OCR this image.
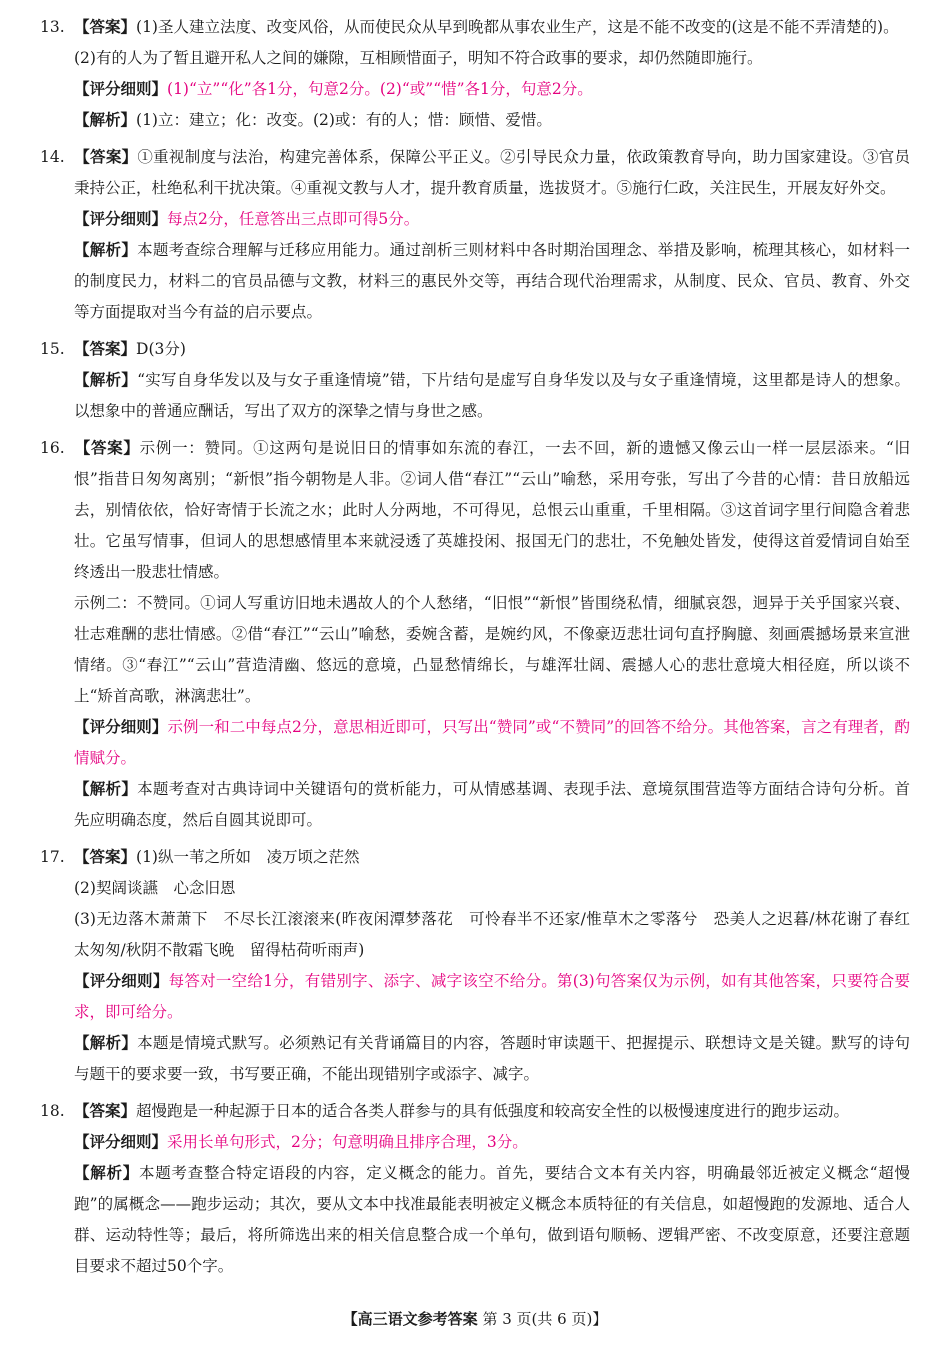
13. 【答案】(1)圣人建立法度、改变风俗，从而使民众从早到晚都从事农业生产，这是不能不改变的(这是不能不弄清楚的)。

(2)有的人为了暂且避开私人之间的嫌隙，互相顾惜面子，明知不符合政事的要求，却仍然随即施行。

【评分细则】(1)“立”“化”各1分，句意2分。(2)“或”“惜”各1分，句意2分。

【解析】(1)立：建立；化：改变。(2)或：有的人；惜：顾惜、爱惜。

14. 【答案】①重视制度与法治，构建完善体系，保障公平正义。②引导民众力量，依政策教育导向，助力国家建设。③官员秉持公正，杜绝私利干扰决策。④重视文教与人才，提升教育质量，选拔贤才。⑤施行仁政，关注民生，开展友好外交。

【评分细则】每点2分，任意答出三点即可得5分。

【解析】本题考查综合理解与迁移应用能力。通过剖析三则材料中各时期治国理念、举措及影响，梳理其核心，如材料一的制度民力，材料二的官员品德与文教，材料三的惠民外交等，再结合现代治理需求，从制度、民众、官员、教育、外交等方面提取对当今有益的启示要点。

15. 【答案】D(3分)

【解析】“实写自身华发以及与女子重逢情境”错，下片结句是虚写自身华发以及与女子重逢情境，这里都是诗人的想象。以想象中的普通应酬话，写出了双方的深挚之情与身世之感。

16. 【答案】示例一：赞同。①这两句是说旧日的情事如东流的春江，一去不回，新的遗憾又像云山一样一层层添来。“旧恨”指昔日匆匆离别；“新恨”指今朝物是人非。②词人借“春江”“云山”喻愁，采用夸张，写出了今昔的心情：昔日放船远去，别情依依，恰好寄情于长流之水；此时人分两地，不可得见，总恨云山重重，千里相隔。③这首词字里行间隐含着悲壮。它虽写情事，但词人的思想感情里本来就浸透了英雄投闲、报国无门的悲壮，不免触处皆发，使得这首爱情词自始至终透出一股悲壮情感。

示例二：不赞同。①词人写重访旧地未遇故人的个人愁绪，“旧恨”“新恨”皆围绕私情，细腻哀怨，迥异于关乎国家兴衰、壮志难酬的悲壮情感。②借“春江”“云山”喻愁，委婉含蓄，是婉约风，不像豪迈悲壮词句直抒胸臆、刻画震撼场景来宣泄情绪。③“春江”“云山”营造清幽、悠远的意境，凸显愁情绵长，与雄浑壮阔、震撼人心的悲壮意境大相径庭，所以谈不上“矫首高歌，淋漓悲壮”。

【评分细则】示例一和二中每点2分，意思相近即可，只写出“赞同”或“不赞同”的回答不给分。其他答案，言之有理者，酌情赋分。

【解析】本题考查对古典诗词中关键语句的赏析能力，可从情感基调、表现手法、意境氛围营造等方面结合诗句分析。首先应明确态度，然后自圆其说即可。

17. 【答案】(1)纵一苇之所如　凌万顷之茫然

(2)契阔谈讌　心念旧恩

(3)无边落木萧萧下　不尽长江滚滚来(昨夜闲潭梦落花　可怜春半不还家/惟草木之零落兮　恐美人之迟暮/林花谢了春红　太匆匆/秋阴不散霜飞晚　留得枯荷听雨声)

【评分细则】每答对一空给1分，有错别字、添字、减字该空不给分。第(3)句答案仅为示例，如有其他答案，只要符合要求，即可给分。

【解析】本题是情境式默写。必须熟记有关背诵篇目的内容，答题时审读题干、把握提示、联想诗文是关键。默写的诗句与题干的要求要一致，书写要正确，不能出现错别字或添字、减字。

18. 【答案】超慢跑是一种起源于日本的适合各类人群参与的具有低强度和较高安全性的以极慢速度进行的跑步运动。

【评分细则】采用长单句形式，2分；句意明确且排序合理，3分。

【解析】本题考查整合特定语段的内容，定义概念的能力。首先，要结合文本有关内容，明确最邻近被定义概念“超慢跑”的属概念——跑步运动；其次，要从文本中找准最能表明被定义概念本质特征的有关信息，如超慢跑的发源地、适合人群、运动特性等；最后，将所筛选出来的相关信息整合成一个单句，做到语句顺畅、逻辑严密、不改变原意，还要注意题目要求不超过50个字。

【高三语文参考答案 第 3 页(共 6 页)】
